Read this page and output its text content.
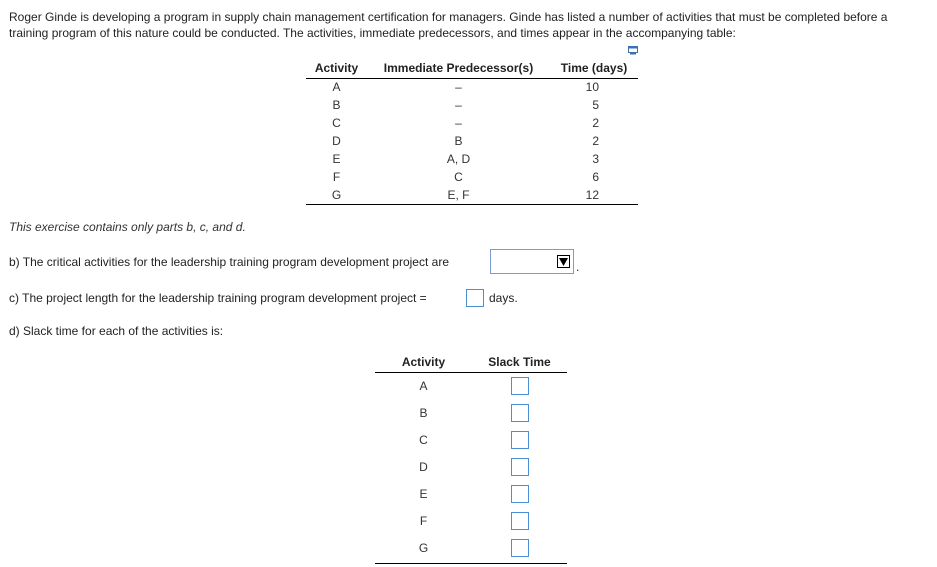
Roger Ginde is developing a program in supply chain management certification for managers. Ginde has listed a number of activities that must be completed before a training program of this nature could be conducted. The activities, immediate predecessors, and times appear in the accompanying table:

Activity	Immediate Predecessor(s)	Time (days)
A	–	10
B	–	5
C	–	2
D	B	2
E	A, D	3
F	C	6
G	E, F	12

This exercise contains only parts b, c, and d.

b) The critical activities for the leadership training program development project are	.

c) The project length for the leadership training program development project =	days.

d) Slack time for each of the activities is:

Activity	Slack Time
A	
B	
C	
D	
E	
F	
G	
